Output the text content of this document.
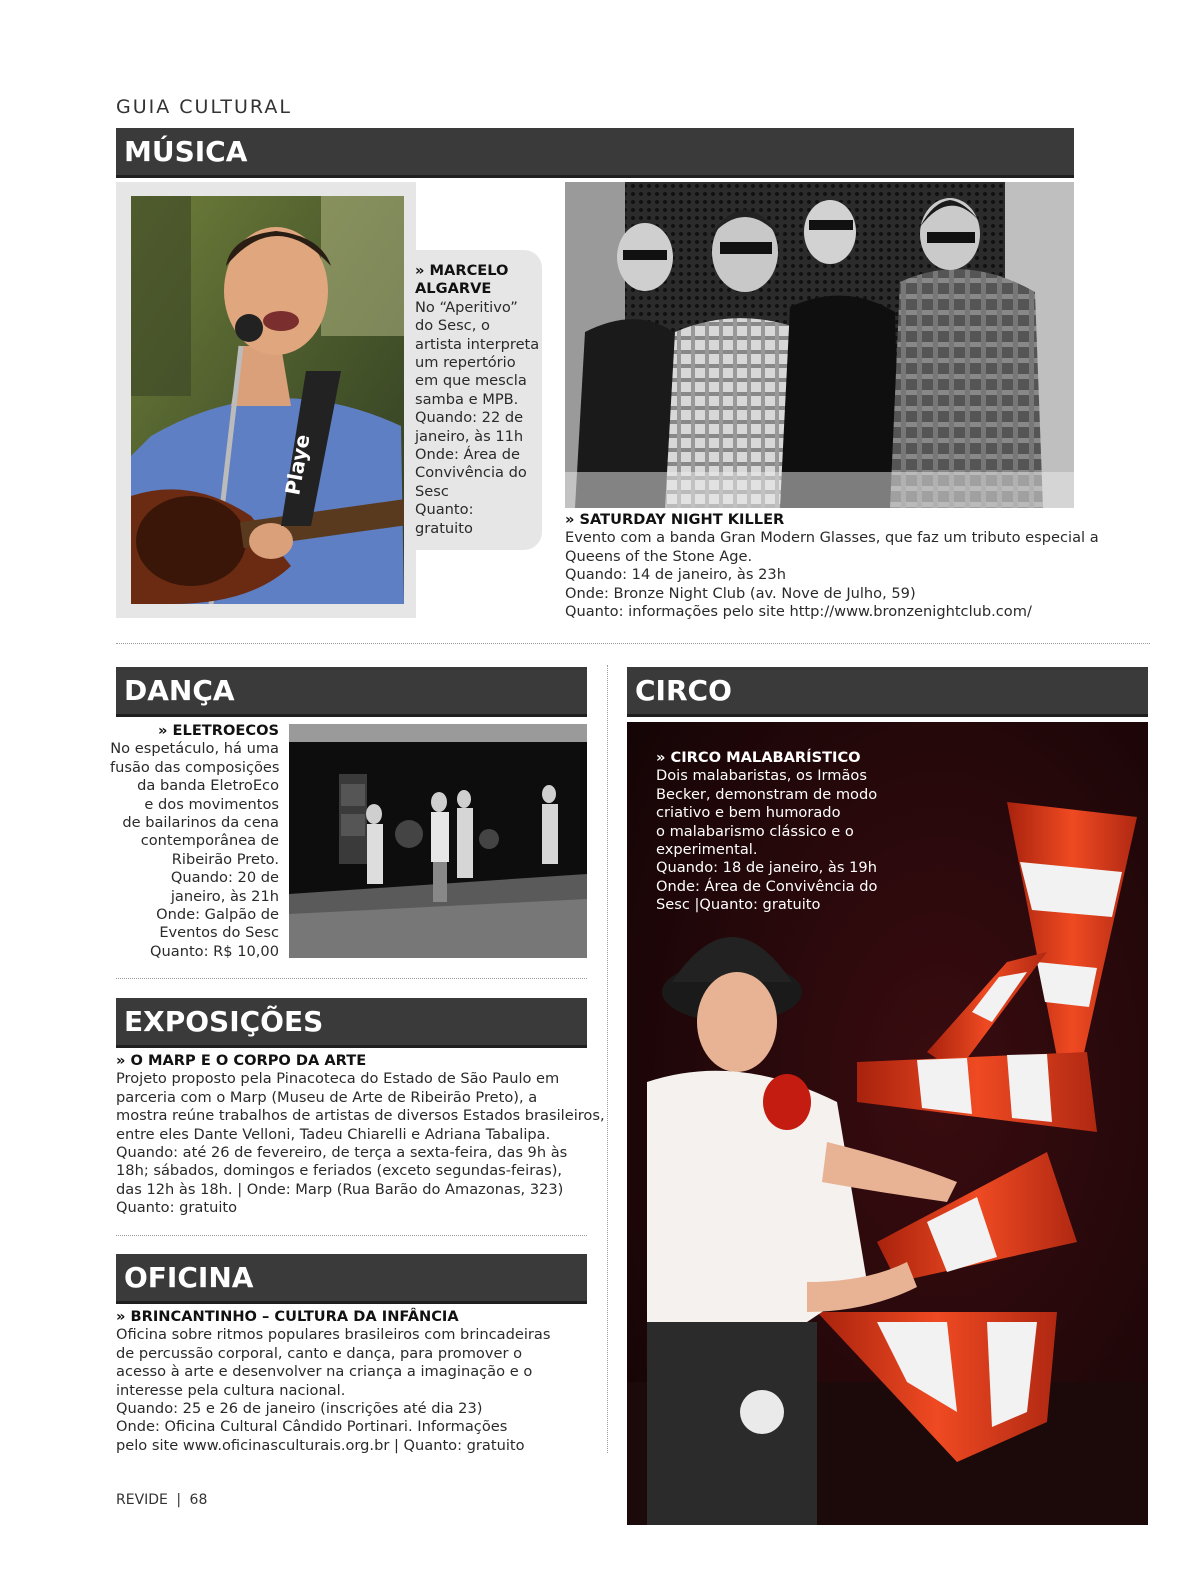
GUIA CULTURAL
MÚSICA
Playe
» MARCELO
ALGARVE
No “Aperitivo”
do Sesc, o
artista interpreta
um repertório
em que mescla
samba e MPB.
Quando: 22 de
janeiro, às 11h
Onde: Área de
Convivência do
Sesc
Quanto:
gratuito
» SATURDAY NIGHT KILLER
Evento com a banda Gran Modern Glasses, que faz um tributo especial a
Queens of the Stone Age.
Quando: 14 de janeiro, às 23h
Onde: Bronze Night Club (av. Nove de Julho, 59)
Quanto: informações pelo site http://www.bronzenightclub.com/
DANÇA
» ELETROECOS
No espetáculo, há uma
fusão das composições
da banda EletroEco
e dos movimentos
de bailarinos da cena
contemporânea de
Ribeirão Preto.
Quando: 20 de
janeiro, às 21h
Onde: Galpão de
Eventos do Sesc
Quanto: R$ 10,00
EXPOSIÇÕES
» O MARP E O CORPO DA ARTE
Projeto proposto pela Pinacoteca do Estado de São Paulo em
parceria com o Marp (Museu de Arte de Ribeirão Preto), a
mostra reúne trabalhos de artistas de diversos Estados brasileiros,
entre eles Dante Velloni, Tadeu Chiarelli e Adriana Tabalipa.
Quando: até 26 de fevereiro, de terça a sexta-feira, das 9h às
18h; sábados, domingos e feriados (exceto segundas-feiras),
das 12h às 18h. | Onde: Marp (Rua Barão do Amazonas, 323)
Quanto: gratuito
OFICINA
» BRINCANTINHO – CULTURA DA INFÂNCIA
Oficina sobre ritmos populares brasileiros com brincadeiras
de percussão corporal, canto e dança, para promover o
acesso à arte e desenvolver na criança a imaginação e o
interesse pela cultura nacional.
Quando: 25 e 26 de janeiro (inscrições até dia 23)
Onde: Oficina Cultural Cândido Portinari. Informações
pelo site www.oficinasculturais.org.br | Quanto: gratuito
CIRCO
» CIRCO MALABARÍSTICO
Dois malabaristas, os Irmãos
Becker, demonstram de modo
criativo e bem humorado
o malabarismo clássico e o
experimental.
Quando: 18 de janeiro, às 19h
Onde: Área de Convivência do
Sesc |Quanto: gratuito
REVIDE | 68
